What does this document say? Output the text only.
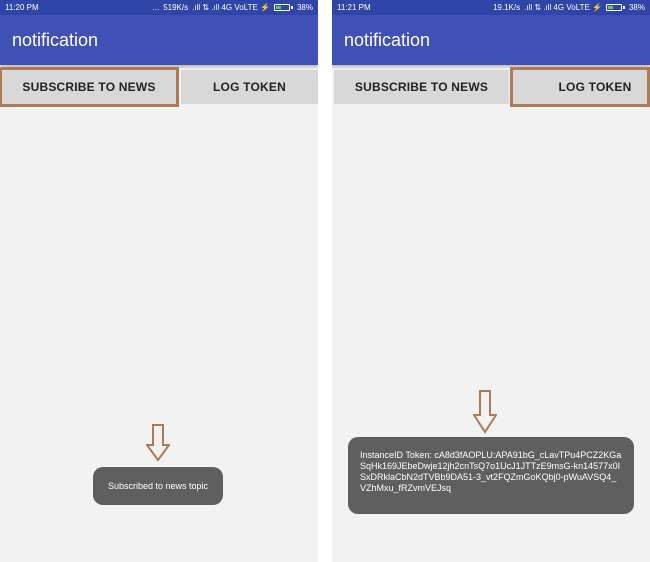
11:20 PM	... 519K/s .ıll ⇅ .ıll 4G VoLTE ⚡	38%
notification
SUBSCRIBE TO NEWS	LOG TOKEN
Subscribed to news topic
11:21 PM	19.1K/s .ıll ⇅ .ıll 4G VoLTE ⚡	38%
notification
SUBSCRIBE TO NEWS	LOG TOKEN
InstanceID Token: cA8d3fAOPLU:APA91bG_cLavTPu4PCZ2KGaSqHk169JEbeDwje12jh2cnTsQ7o1UcJ1JTTzE9msG-kn14577x0ISxDRklaCbN2dTVBb9DA51-3_vt2FQZmGoKQbj0-pWuAVSQ4_VZhMxu_fRZvmVEJsq
